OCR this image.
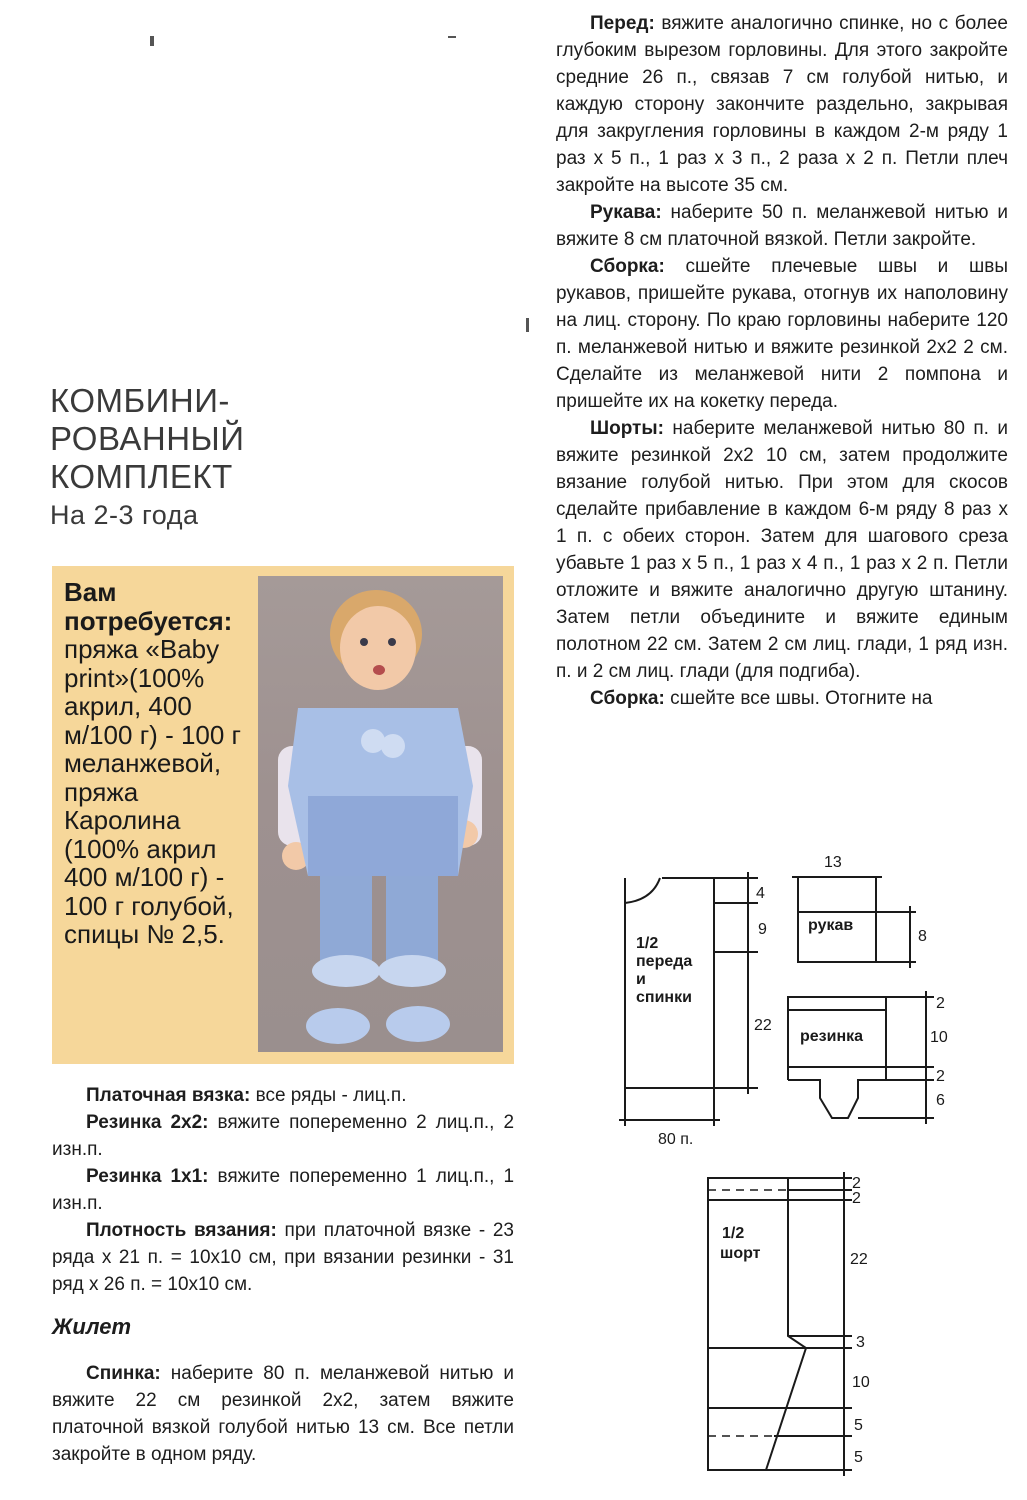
КОМБИНИ-
РОВАННЫЙ
КОМПЛЕКТ
На 2-3 года
Вам потребуется:
пряжа «Baby print»(100% акрил, 400 м/100 г) - 100 г меланжевой, пряжа Каролина (100% акрил 400 м/100 г) - 100 г голубой, спицы № 2,5.

Платочная вязка: все ряды - лиц.п.

Резинка 2х2: вяжите попеременно 2 лиц.п., 2 изн.п.

Резинка 1х1: вяжите попеременно 1 лиц.п., 1 изн.п.

Плотность вязания: при платочной вязке - 23 ряда х 21 п. = 10х10 см, при вязании резинки - 31 ряд х 26 п. = 10х10 см.

Жилет

Спинка: наберите 80 п. меланжевой нитью и вяжите 22 см резинкой 2х2, затем вяжите платочной вязкой голубой нитью 13 см. Все петли закройте в одном ряду.

Перед: вяжите аналогично спинке, но с более глубоким вырезом горловины. Для этого закройте средние 26 п., связав 7 см голубой нитью, и каждую сторону закончите раздельно, закрывая для закругления горловины в каждом 2-м ряду 1 раз х 5 п., 1 раз х 3 п., 2 раза х 2 п. Петли плеч закройте на высоте 35 см.

Рукава: наберите 50 п. меланжевой нитью и вяжите 8 см платочной вязкой. Петли закройте.

Сборка: сшейте плечевые швы и швы рукавов, пришейте рукава, отогнув их наполовину на лиц. сторону. По краю горловины наберите 120 п. меланжевой нитью и вяжите резинкой 2х2 2 см. Сделайте из меланжевой нити 2 помпона и пришейте их на кокетку переда.

Шорты: наберите меланжевой нитью 80 п. и вяжите резинкой 2х2 10 см, затем продолжите вязание голубой нитью. При этом для скосов сделайте прибавление в каждом 6-м ряду 8 раз х 1 п. с обеих сторон. Затем для шагового среза убавьте 1 раз х 5 п., 1 раз х 4 п., 1 раз х 2 п. Петли отложите и вяжите аналогично другую штанину. Затем петли объедините и вяжите единым полотном 22 см. Затем 2 см лиц. глади, 1 ряд изн. п. и 2 см лиц. глади (для подгиба).

Сборка: сшейте все швы. Отогните на

1/2
переда
и
спинки
4
9
22
80 п.
рукав
13
8
резинка
2
10
2
6
1/2
шорт
2
2
22
3
10
5
5
